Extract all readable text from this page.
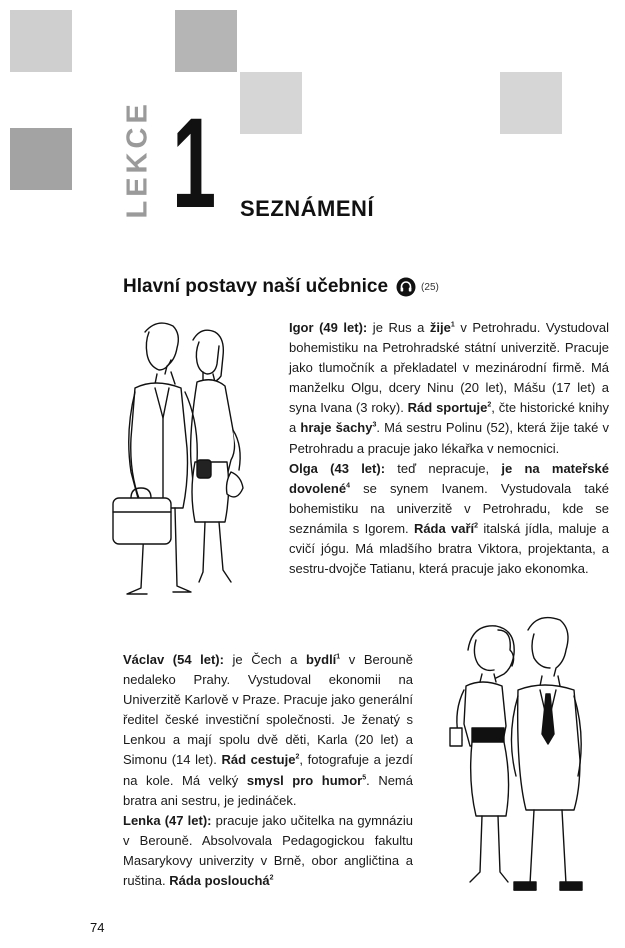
LEKCE 1 SEZNÁMENÍ
Hlavní postavy naší učebnice	(25)
Igor (49 let): je Rus a žije$^1$ v Petrohradu. Vystudoval bohemistiku na Petrohradské státní univerzitě. Pracuje jako tlumočník a překladatel v mezinárodní firmě. Má manželku Olgu, dcery Ninu (20 let), Mášu (17 let) a syna Ivana (3 roky). Rád sportuje$^2$, čte historické knihy a hraje šachy$^3$. Má sestru Polinu (52), která žije také v Petrohradu a pracuje jako lékařka v nemocnici.
Olga (43 let): teď nepracuje, je na mateřské dovolené$^4$ se synem Ivanem. Vystudovala také bohemistiku na univerzitě v Petrohradu, kde se seznámila s Igorem. Ráda vaří$^2$ italská jídla, maluje a cvičí jógu. Má mladšího bratra Viktora, projektanta, a sestru-dvojče Tatianu, která pracuje jako ekonomka.
Václav (54 let): je Čech a bydlí$^1$ v Berouně nedaleko Prahy. Vystudoval ekonomii na Univerzitě Karlově v Praze. Pracuje jako generální ředitel české investiční společnosti. Je ženatý s Lenkou a mají spolu dvě děti, Karla (20 let) a Simonu (14 let). Rád cestuje$^2$, fotografuje a jezdí na kole. Má velký smysl pro humor$^5$. Nemá bratra ani sestru, je jedináček.
Lenka (47 let): pracuje jako učitelka na gymnáziu v Berouně. Absolvovala Pedagogickou fakultu Masarykovy univerzity v Brně, obor angličtina a ruština. Ráda poslouchá$^2$
74
